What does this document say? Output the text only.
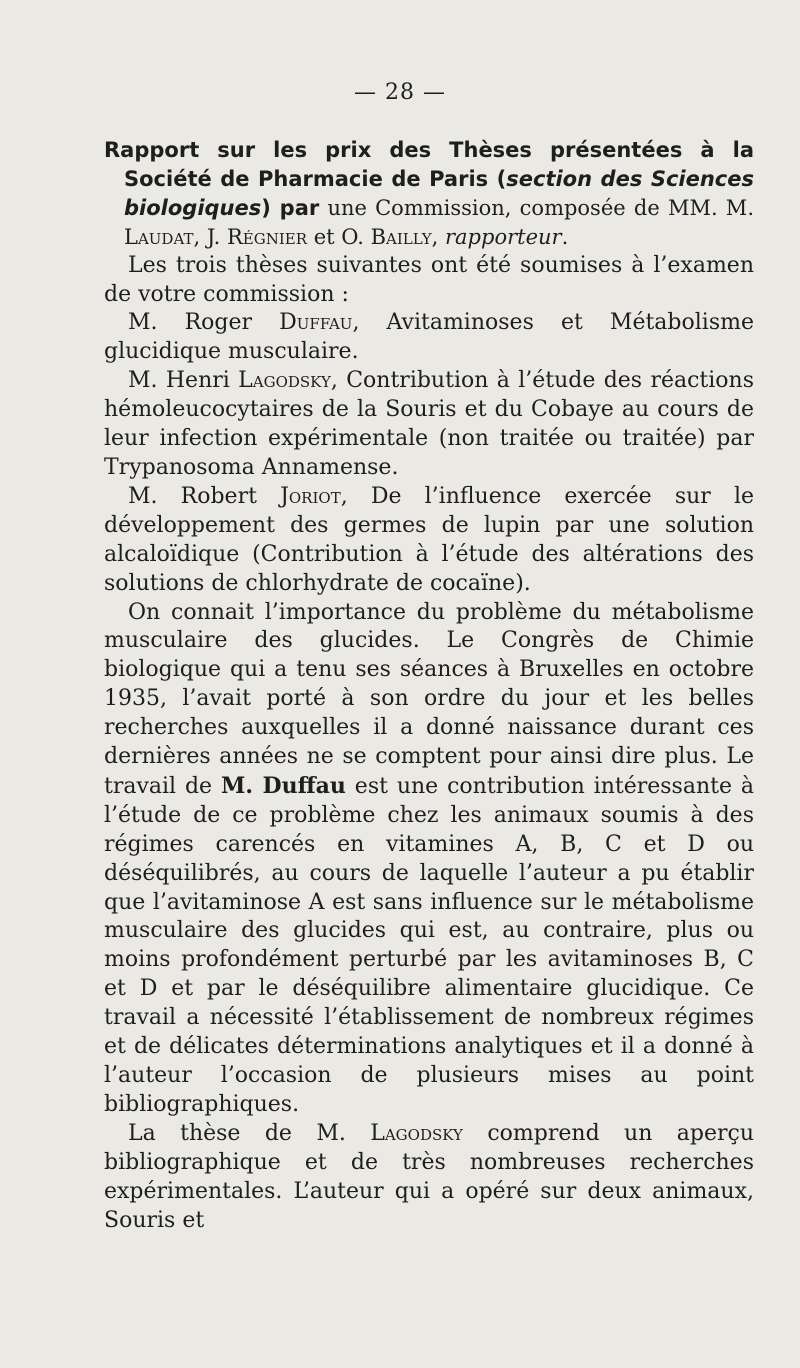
— 28 —

Rapport sur les prix des Thèses présentées à la Société de Pharmacie de Paris (section des Sciences biologiques) par une Commission, composée de MM. M. Laudat, J. Régnier et O. Bailly, rapporteur.

Les trois thèses suivantes ont été soumises à l’examen de votre commission :

M. Roger Duffau, Avitaminoses et Métabolisme glucidique musculaire.

M. Henri Lagodsky, Contribution à l’étude des réactions hémoleucocytaires de la Souris et du Cobaye au cours de leur infection expérimentale (non traitée ou traitée) par Trypanosoma Annamense.

M. Robert Joriot, De l’influence exercée sur le développement des germes de lupin par une solution alcaloïdique (Contribution à l’étude des altérations des solutions de chlorhydrate de cocaïne).

On connait l’importance du problème du métabolisme musculaire des glucides. Le Congrès de Chimie biologique qui a tenu ses séances à Bruxelles en octobre 1935, l’avait porté à son ordre du jour et les belles recherches auxquelles il a donné naissance durant ces dernières années ne se comptent pour ainsi dire plus. Le travail de M. Duffau est une contribution intéressante à l’étude de ce problème chez les animaux soumis à des régimes carencés en vitamines A, B, C et D ou déséquilibrés, au cours de laquelle l’auteur a pu établir que l’avitaminose A est sans influence sur le métabolisme musculaire des glucides qui est, au contraire, plus ou moins profondément perturbé par les avitaminoses B, C et D et par le déséquilibre alimentaire glucidique. Ce travail a nécessité l’établissement de nombreux régimes et de délicates déterminations analytiques et il a donné à l’auteur l’occasion de plusieurs mises au point bibliographiques.

La thèse de M. Lagodsky comprend un aperçu bibliographique et de très nombreuses recherches expérimentales. L’auteur qui a opéré sur deux animaux, Souris et
